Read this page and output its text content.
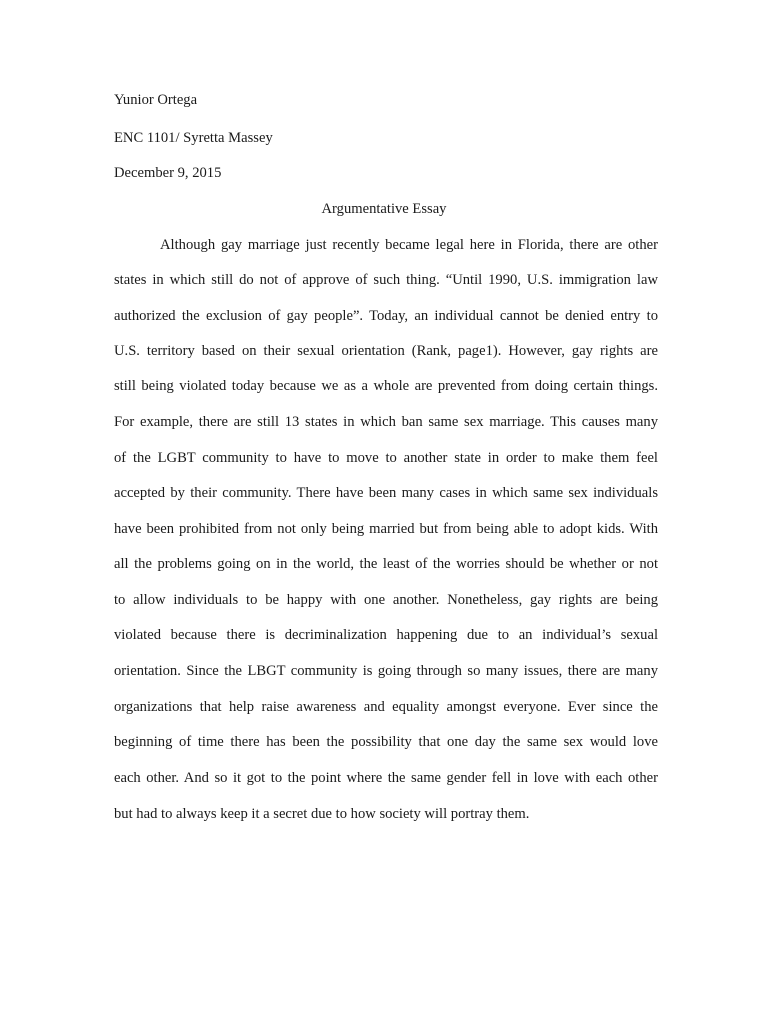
Yunior Ortega
ENC 1101/ Syretta Massey
December 9, 2015
Argumentative Essay
Although gay marriage just recently became legal here in Florida, there are other
states in which still do not of approve of such thing. “Until 1990, U.S. immigration law
authorized the exclusion of gay people”. Today, an individual cannot be denied entry to
U.S. territory based on their sexual orientation (Rank, page1). However, gay rights are
still being violated today because we as a whole are prevented from doing certain things.
For example, there are still 13 states in which ban same sex marriage. This causes many
of the LGBT community to have to move to another state in order to make them feel
accepted by their community. There have been many cases in which same sex individuals
have been prohibited from not only being married but from being able to adopt kids. With
all the problems going on in the world, the least of the worries should be whether or not
to allow individuals to be happy with one another. Nonetheless, gay rights are being
violated because there is decriminalization happening due to an individual’s sexual
orientation. Since the LBGT community is going through so many issues, there are many
organizations that help raise awareness and equality amongst everyone. Ever since the
beginning of time there has been the possibility that one day the same sex would love
each other. And so it got to the point where the same gender fell in love with each other
but had to always keep it a secret due to how society will portray them.
